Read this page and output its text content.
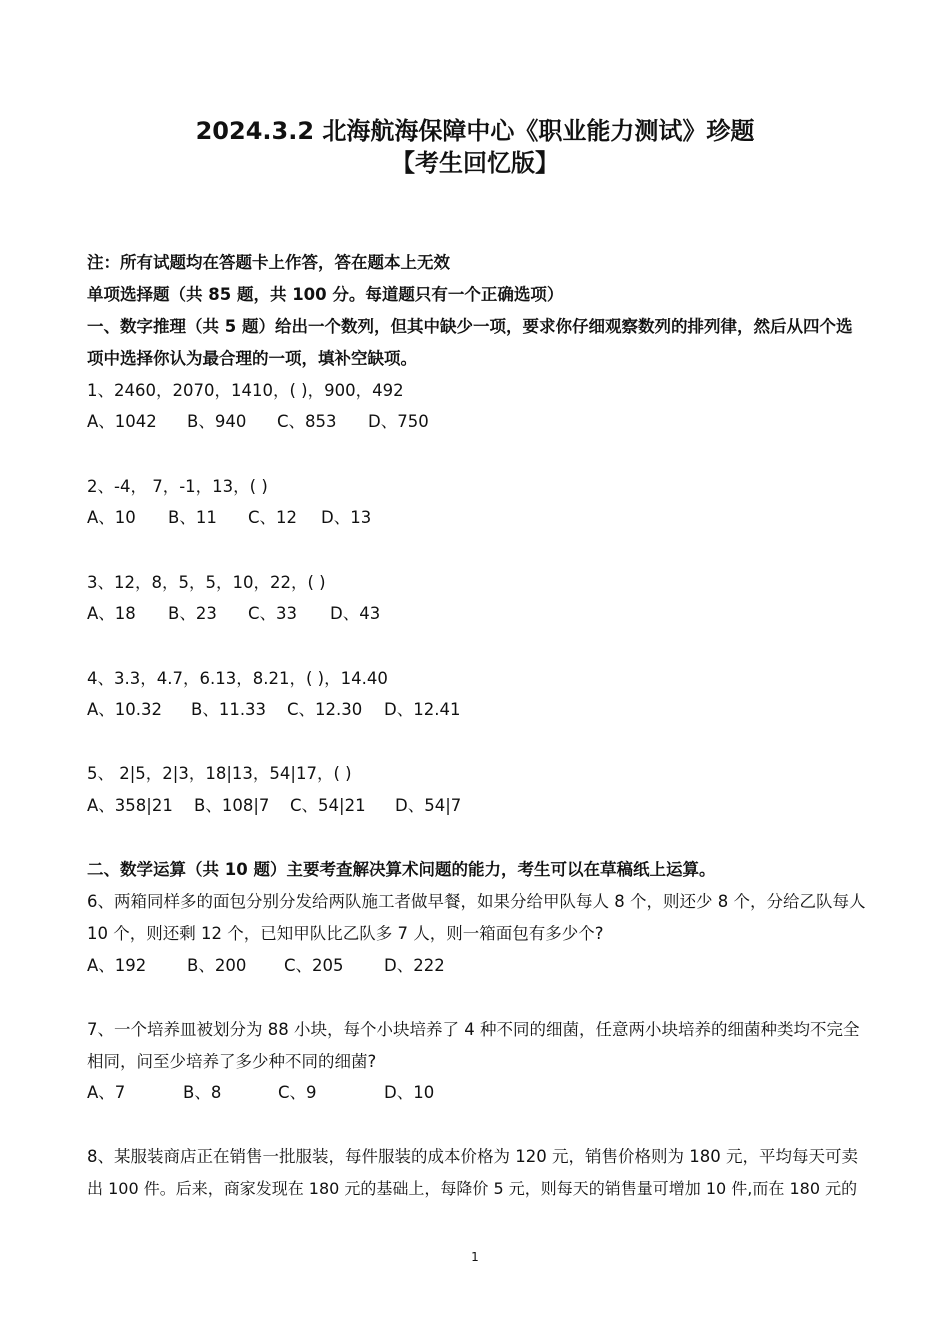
2024.3.2 北海航海保障中心《职业能力测试》珍题
【考生回忆版】
注：所有试题均在答题卡上作答，答在题本上无效
单项选择题（共 85 题，共 100 分。每道题只有一个正确选项）
一、数字推理（共 5 题）给出一个数列，但其中缺少一项，要求你仔细观察数列的排列律，然后从四个选
项中选择你认为最合理的一项，填补空缺项。
1、2460，2070，1410，( )，900，492
A、1042 B、940 C、853 D、750
2、-4， 7，-1，13，( )
A、10 B、11 C、12 D、13
3、12，8，5，5，10，22，( )
A、18 B、23 C、33 D、43
4、3.3，4.7，6.13，8.21，( )，14.40
A、10.32 B、11.33 C、12.30 D、12.41
5、 2|5，2|3，18|13，54|17，( )
A、358|21 B、108|7 C、54|21 D、54|7
二、数学运算（共 10 题）主要考查解决算术问题的能力，考生可以在草稿纸上运算。
6、两箱同样多的面包分别分发给两队施工者做早餐，如果分给甲队每人 8 个，则还少 8 个，分给乙队每人
10 个，则还剩 12 个，已知甲队比乙队多 7 人，则一箱面包有多少个?
A、192 B、200 C、205 D、222
7、一个培养皿被划分为 88 小块，每个小块培养了 4 种不同的细菌，任意两小块培养的细菌种类均不完全
相同，问至少培养了多少种不同的细菌?
A、7	B、8	C、9	D、10
8、某服装商店正在销售一批服装，每件服装的成本价格为 120 元，销售价格则为 180 元，平均每天可卖
出 100 件。后来，商家发现在 180 元的基础上，每降价 5 元，则每天的销售量可增加 10 件,而在 180 元的
1
